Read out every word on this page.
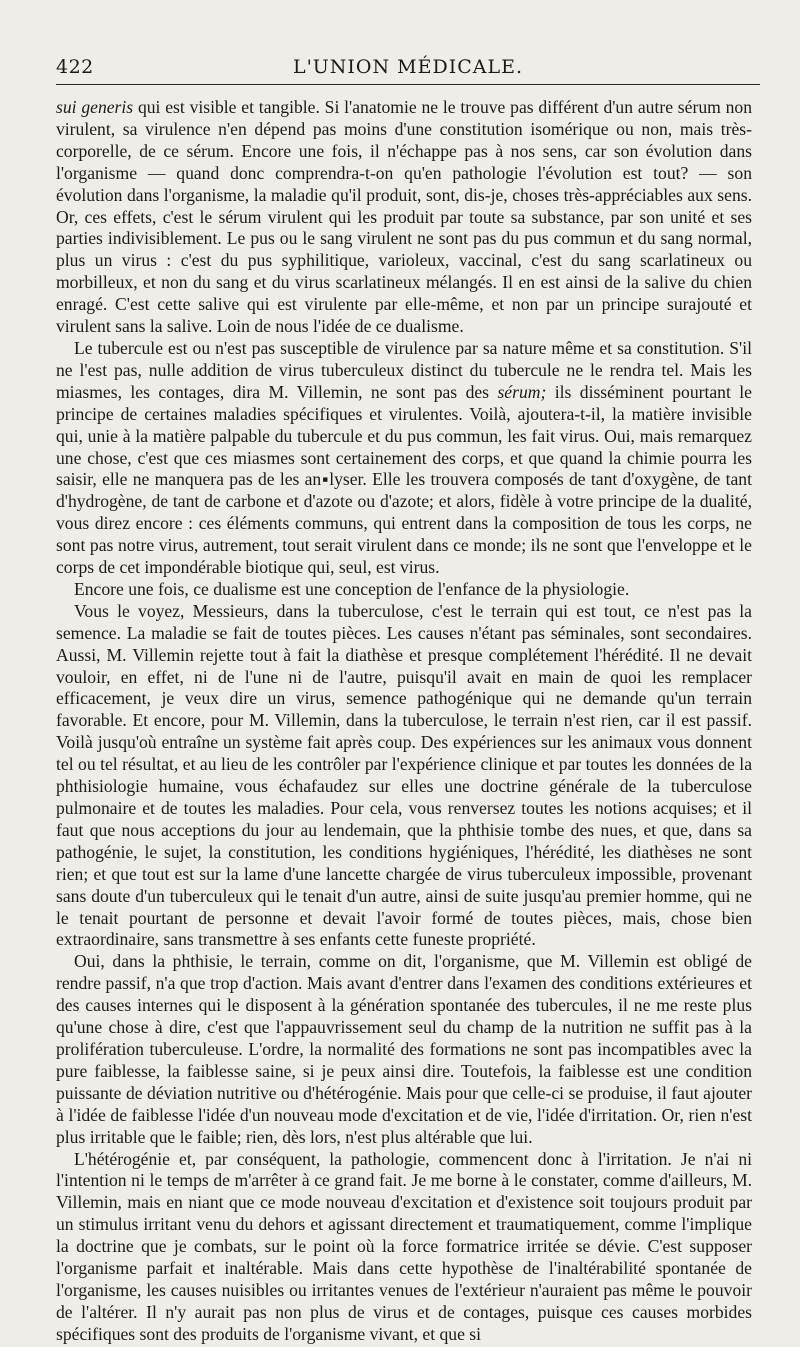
422	L'UNION MÉDICALE.

sui generis qui est visible et tangible. Si l'anatomie ne le trouve pas différent d'un autre sérum non virulent, sa virulence n'en dépend pas moins d'une constitution isomérique ou non, mais très-corporelle, de ce sérum. Encore une fois, il n'échappe pas à nos sens, car son évolution dans l'organisme — quand donc comprendra-t-on qu'en pathologie l'évolution est tout? — son évolution dans l'organisme, la maladie qu'il produit, sont, dis-je, choses très-appréciables aux sens. Or, ces effets, c'est le sérum virulent qui les produit par toute sa substance, par son unité et ses parties indivisiblement. Le pus ou le sang virulent ne sont pas du pus commun et du sang normal, plus un virus : c'est du pus syphilitique, varioleux, vaccinal, c'est du sang scarlatineux ou morbilleux, et non du sang et du virus scarlatineux mélangés. Il en est ainsi de la salive du chien enragé. C'est cette salive qui est virulente par elle-même, et non par un principe surajouté et virulent sans la salive. Loin de nous l'idée de ce dualisme.

Le tubercule est ou n'est pas susceptible de virulence par sa nature même et sa constitution. S'il ne l'est pas, nulle addition de virus tuberculeux distinct du tubercule ne le rendra tel. Mais les miasmes, les contages, dira M. Villemin, ne sont pas des sérum; ils disséminent pourtant le principe de certaines maladies spécifiques et virulentes. Voilà, ajoutera-t-il, la matière invisible qui, unie à la matière palpable du tubercule et du pus commun, les fait virus. Oui, mais remarquez une chose, c'est que ces miasmes sont certainement des corps, et que quand la chimie pourra les saisir, elle ne manquera pas de les an▪lyser. Elle les trouvera composés de tant d'oxygène, de tant d'hydrogène, de tant de carbone et d'azote ou d'azote; et alors, fidèle à votre principe de la dualité, vous direz encore : ces éléments communs, qui entrent dans la composition de tous les corps, ne sont pas notre virus, autrement, tout serait virulent dans ce monde; ils ne sont que l'enveloppe et le corps de cet impondérable biotique qui, seul, est virus.

Encore une fois, ce dualisme est une conception de l'enfance de la physiologie.

Vous le voyez, Messieurs, dans la tuberculose, c'est le terrain qui est tout, ce n'est pas la semence. La maladie se fait de toutes pièces. Les causes n'étant pas séminales, sont secondaires. Aussi, M. Villemin rejette tout à fait la diathèse et presque complétement l'hérédité. Il ne devait vouloir, en effet, ni de l'une ni de l'autre, puisqu'il avait en main de quoi les remplacer efficacement, je veux dire un virus, semence pathogénique qui ne demande qu'un terrain favorable. Et encore, pour M. Villemin, dans la tuberculose, le terrain n'est rien, car il est passif. Voilà jusqu'où entraîne un système fait après coup. Des expériences sur les animaux vous donnent tel ou tel résultat, et au lieu de les contrôler par l'expérience clinique et par toutes les données de la phthisiologie humaine, vous échafaudez sur elles une doctrine générale de la tuberculose pulmonaire et de toutes les maladies. Pour cela, vous renversez toutes les notions acquises; et il faut que nous acceptions du jour au lendemain, que la phthisie tombe des nues, et que, dans sa pathogénie, le sujet, la constitution, les conditions hygiéniques, l'hérédité, les diathèses ne sont rien; et que tout est sur la lame d'une lancette chargée de virus tuberculeux impossible, provenant sans doute d'un tuberculeux qui le tenait d'un autre, ainsi de suite jusqu'au premier homme, qui ne le tenait pourtant de personne et devait l'avoir formé de toutes pièces, mais, chose bien extraordinaire, sans transmettre à ses enfants cette funeste propriété.

Oui, dans la phthisie, le terrain, comme on dit, l'organisme, que M. Villemin est obligé de rendre passif, n'a que trop d'action. Mais avant d'entrer dans l'examen des conditions extérieures et des causes internes qui le disposent à la génération spontanée des tubercules, il ne me reste plus qu'une chose à dire, c'est que l'appauvrissement seul du champ de la nutrition ne suffit pas à la prolifération tuberculeuse. L'ordre, la normalité des formations ne sont pas incompatibles avec la pure faiblesse, la faiblesse saine, si je peux ainsi dire. Toutefois, la faiblesse est une condition puissante de déviation nutritive ou d'hétérogénie. Mais pour que celle-ci se produise, il faut ajouter à l'idée de faiblesse l'idée d'un nouveau mode d'excitation et de vie, l'idée d'irritation. Or, rien n'est plus irritable que le faible; rien, dès lors, n'est plus altérable que lui.

L'hétérogénie et, par conséquent, la pathologie, commencent donc à l'irritation. Je n'ai ni l'intention ni le temps de m'arrêter à ce grand fait. Je me borne à le constater, comme d'ailleurs, M. Villemin, mais en niant que ce mode nouveau d'excitation et d'existence soit toujours produit par un stimulus irritant venu du dehors et agissant directement et traumatiquement, comme l'implique la doctrine que je combats, sur le point où la force formatrice irritée se dévie. C'est supposer l'organisme parfait et inaltérable. Mais dans cette hypothèse de l'inaltérabilité spontanée de l'organisme, les causes nuisibles ou irritantes venues de l'extérieur n'auraient pas même le pouvoir de l'altérer. Il n'y aurait pas non plus de virus et de contages, puisque ces causes morbides spécifiques sont des produits de l'organisme vivant, et que si
